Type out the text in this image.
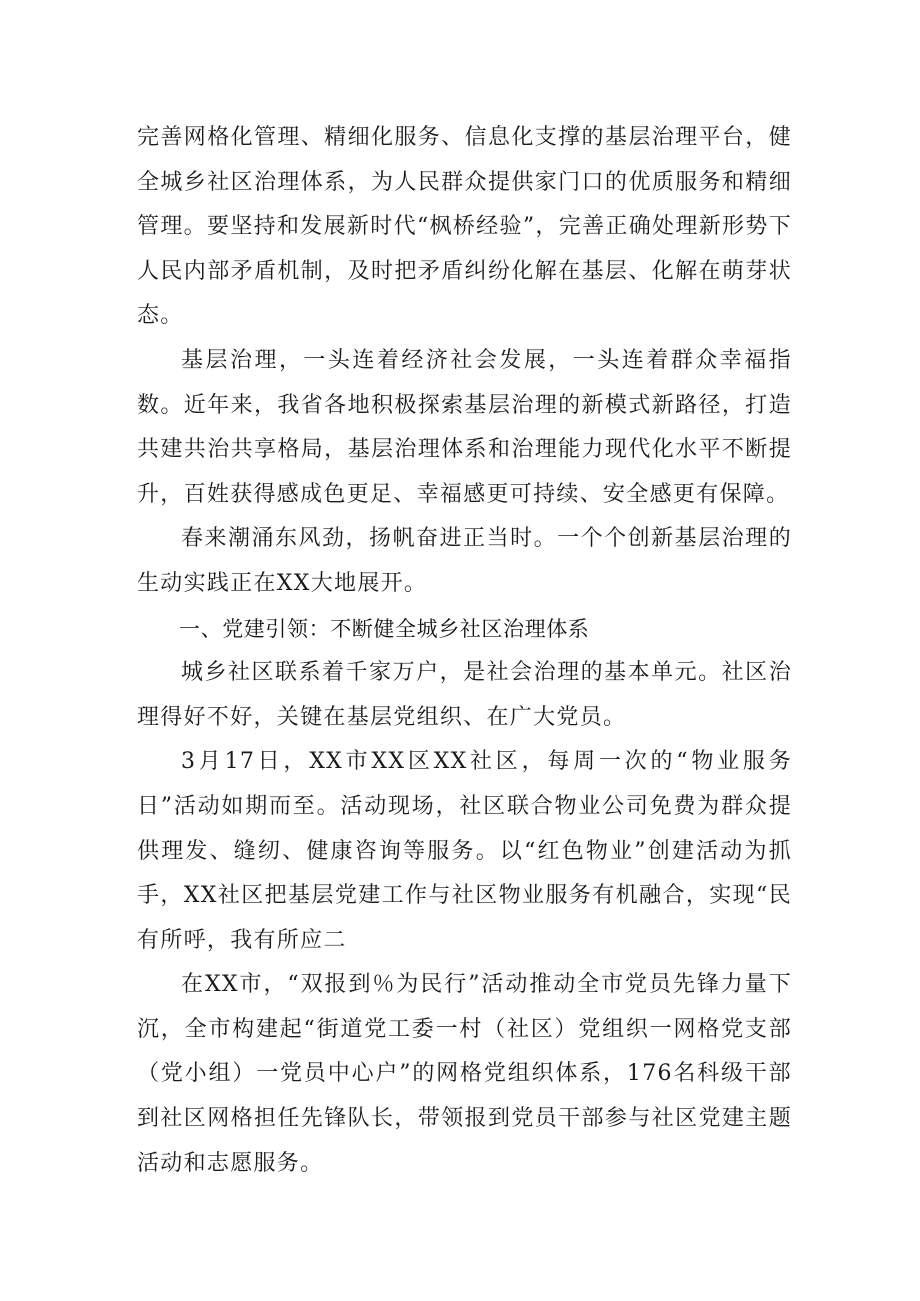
完善网格化管理、精细化服务、信息化支撑的基层治理平台，健全城乡社区治理体系，为人民群众提供家门口的优质服务和精细管理。要坚持和发展新时代“枫桥经验”，完善正确处理新形势下人民内部矛盾机制，及时把矛盾纠纷化解在基层、化解在萌芽状态。

基层治理，一头连着经济社会发展，一头连着群众幸福指数。近年来，我省各地积极探索基层治理的新模式新路径，打造共建共治共享格局，基层治理体系和治理能力现代化水平不断提升，百姓获得感成色更足、幸福感更可持续、安全感更有保障。

春来潮涌东风劲，扬帆奋进正当时。一个个创新基层治理的生动实践正在XX大地展开。

一、党建引领：不断健全城乡社区治理体系

城乡社区联系着千家万户，是社会治理的基本单元。社区治理得好不好，关键在基层党组织、在广大党员。

3月17日，XX市XX区XX社区，每周一次的“物业服务日”活动如期而至。活动现场，社区联合物业公司免费为群众提供理发、缝纫、健康咨询等服务。以“红色物业”创建活动为抓手，XX社区把基层党建工作与社区物业服务有机融合，实现“民有所呼，我有所应二

在XX市，“双报到％为民行”活动推动全市党员先锋力量下沉，全市构建起“街道党工委一村（社区）党组织一网格党支部（党小组）一党员中心户”的网格党组织体系，176名科级干部到社区网格担任先锋队长，带领报到党员干部参与社区党建主题活动和志愿服务。
